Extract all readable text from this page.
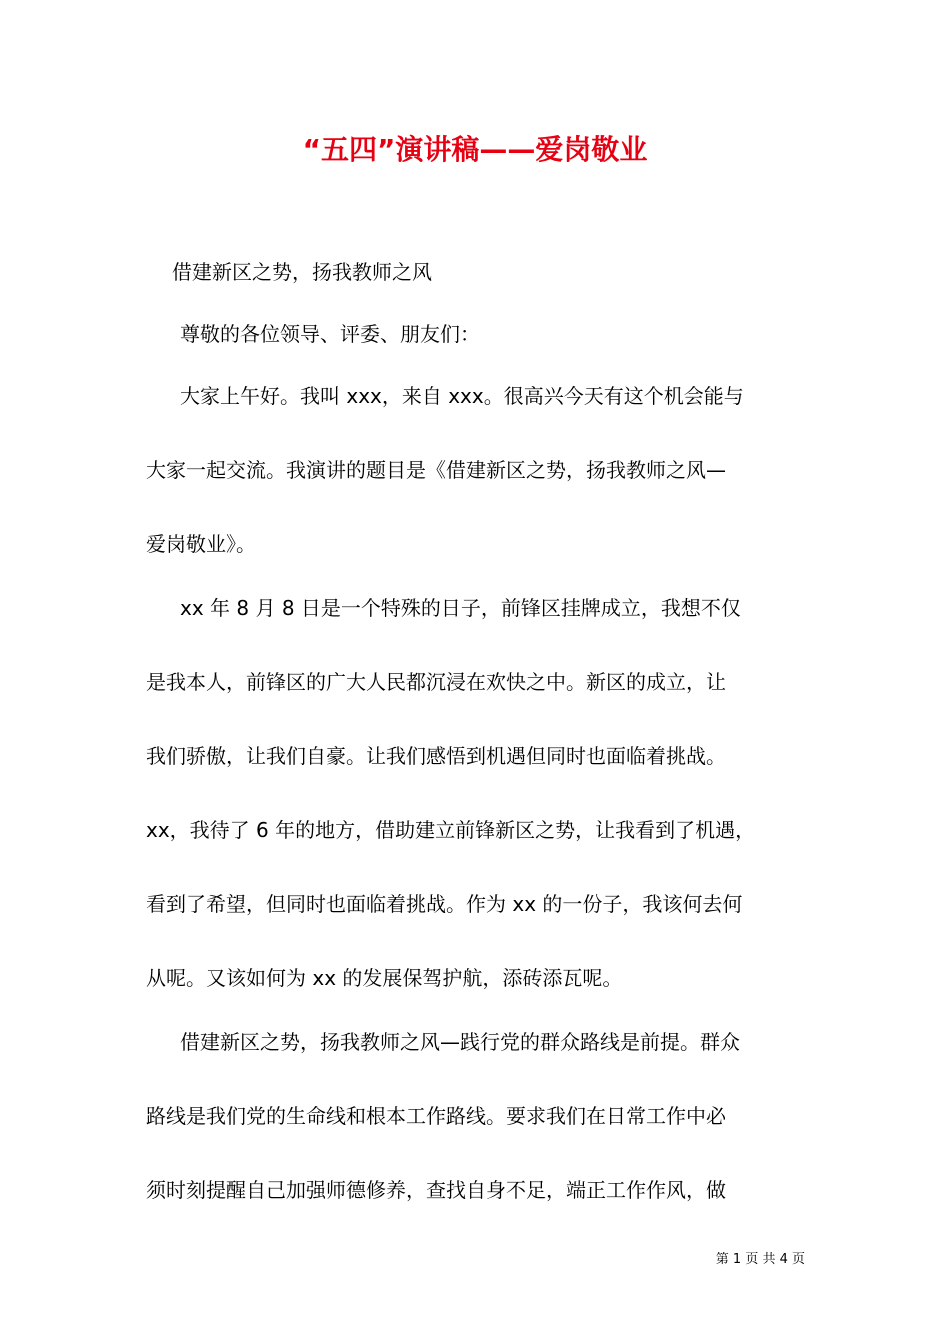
“五四”演讲稿——爱岗敬业
借建新区之势，扬我教师之风
尊敬的各位领导、评委、朋友们：
大家上午好。我叫 xxx，来自 xxx。很高兴今天有这个机会能与
大家一起交流。我演讲的题目是《借建新区之势，扬我教师之风—
爱岗敬业》。
xx 年 8 月 8 日是一个特殊的日子，前锋区挂牌成立，我想不仅
是我本人，前锋区的广大人民都沉浸在欢快之中。新区的成立，让
我们骄傲，让我们自豪。让我们感悟到机遇但同时也面临着挑战。
xx，我待了 6 年的地方，借助建立前锋新区之势，让我看到了机遇，
看到了希望，但同时也面临着挑战。作为 xx 的一份子，我该何去何
从呢。又该如何为 xx 的发展保驾护航，添砖添瓦呢。
借建新区之势，扬我教师之风—践行党的群众路线是前提。群众
路线是我们党的生命线和根本工作路线。要求我们在日常工作中必
须时刻提醒自己加强师德修养，查找自身不足，端正工作作风，做
第 1 页 共 4 页
